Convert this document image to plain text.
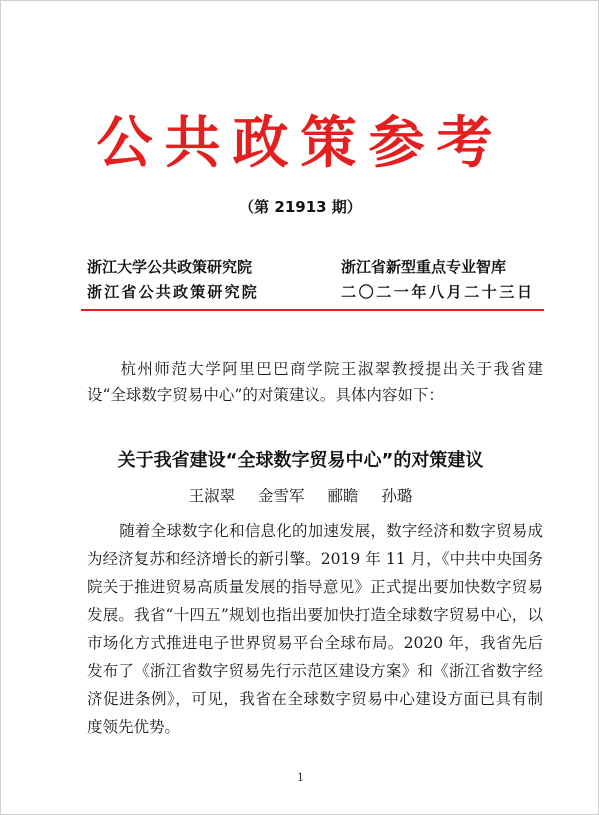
公共政策参考
（第 21913 期）
浙江大学公共政策研究院
浙江省公共政策研究院
浙江省新型重点专业智库
二〇二一年八月二十三日

杭州师范大学阿里巴巴商学院王淑翠教授提出关于我省建设“全球数字贸易中心”的对策建议。具体内容如下：

关于我省建设“全球数字贸易中心”的对策建议
王淑翠 金雪军 郦瞻 孙璐

随着全球数字化和信息化的加速发展，数字经济和数字贸易成为经济复苏和经济增长的新引擎。2019 年 11 月，《中共中央国务院关于推进贸易高质量发展的指导意见》正式提出要加快数字贸易发展。我省“十四五”规划也指出要加快打造全球数字贸易中心，以市场化方式推进电子世界贸易平台全球布局。2020 年，我省先后发布了《浙江省数字贸易先行示范区建设方案》和《浙江省数字经济促进条例》，可见，我省在全球数字贸易中心建设方面已具有制度领先优势。

1
